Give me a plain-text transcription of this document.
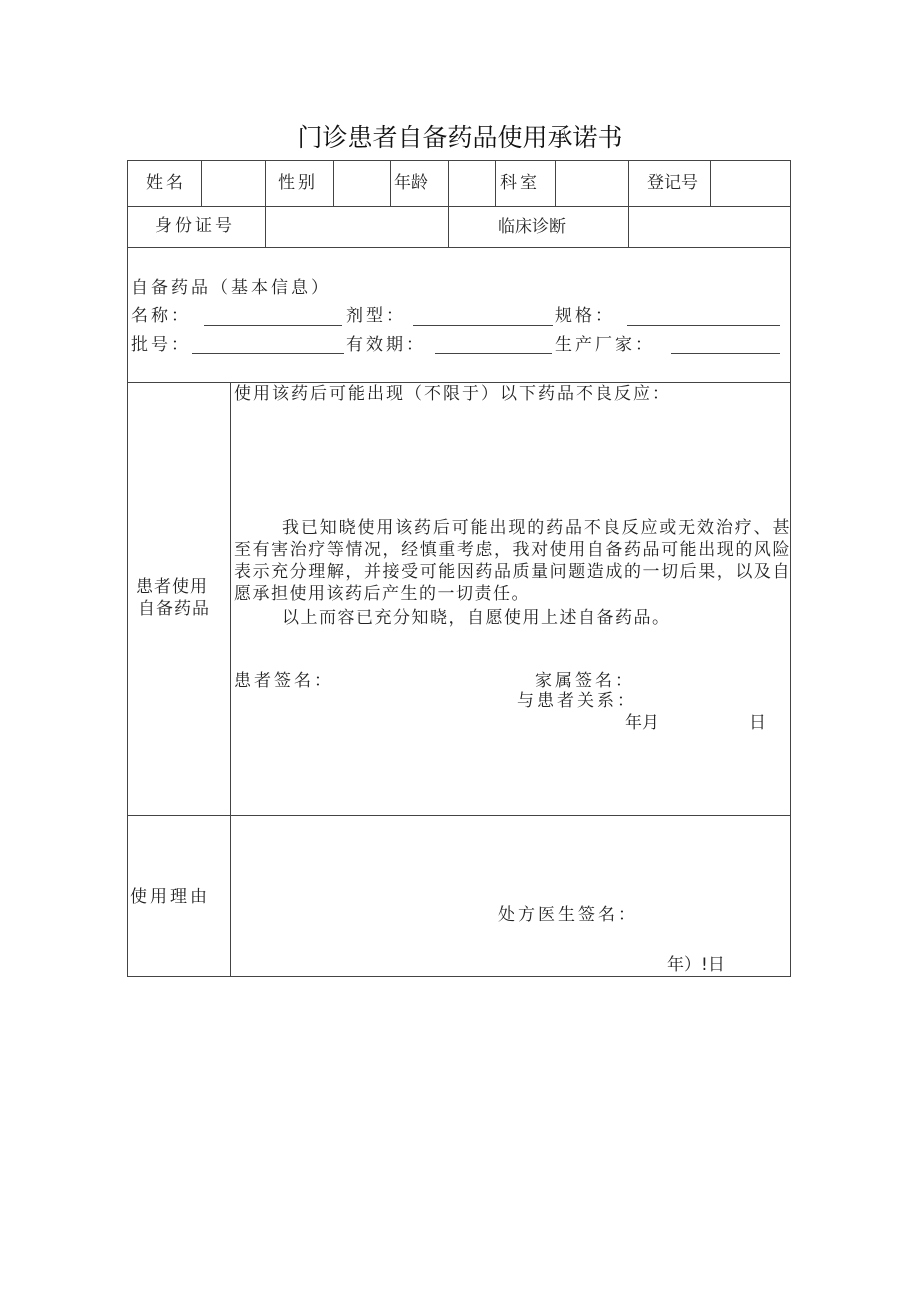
门诊患者自备药品使用承诺书
姓名	性别	年龄	科室	登记号
身份证号	临床诊断
自备药品（基本信息）
名称：	剂型：	规格：
批号：	有效期：	生产厂家：
患者使用
自备药品
使用该药后可能出现（不限于）以下药品不良反应：

我已知晓使用该药后可能出现的药品不良反应或无效治疗、甚至有害治疗等情况，经慎重考虑，我对使用自备药品可能出现的风险表示充分理解，并接受可能因药品质量问题造成的一切后果，以及自愿承担使用该药后产生的一切责任。

以上而容已充分知晓，自愿使用上述自备药品。

患者签名：	家属签名：
与患者关系：
年月	日
使用理由
处方医生签名：
年）!日
